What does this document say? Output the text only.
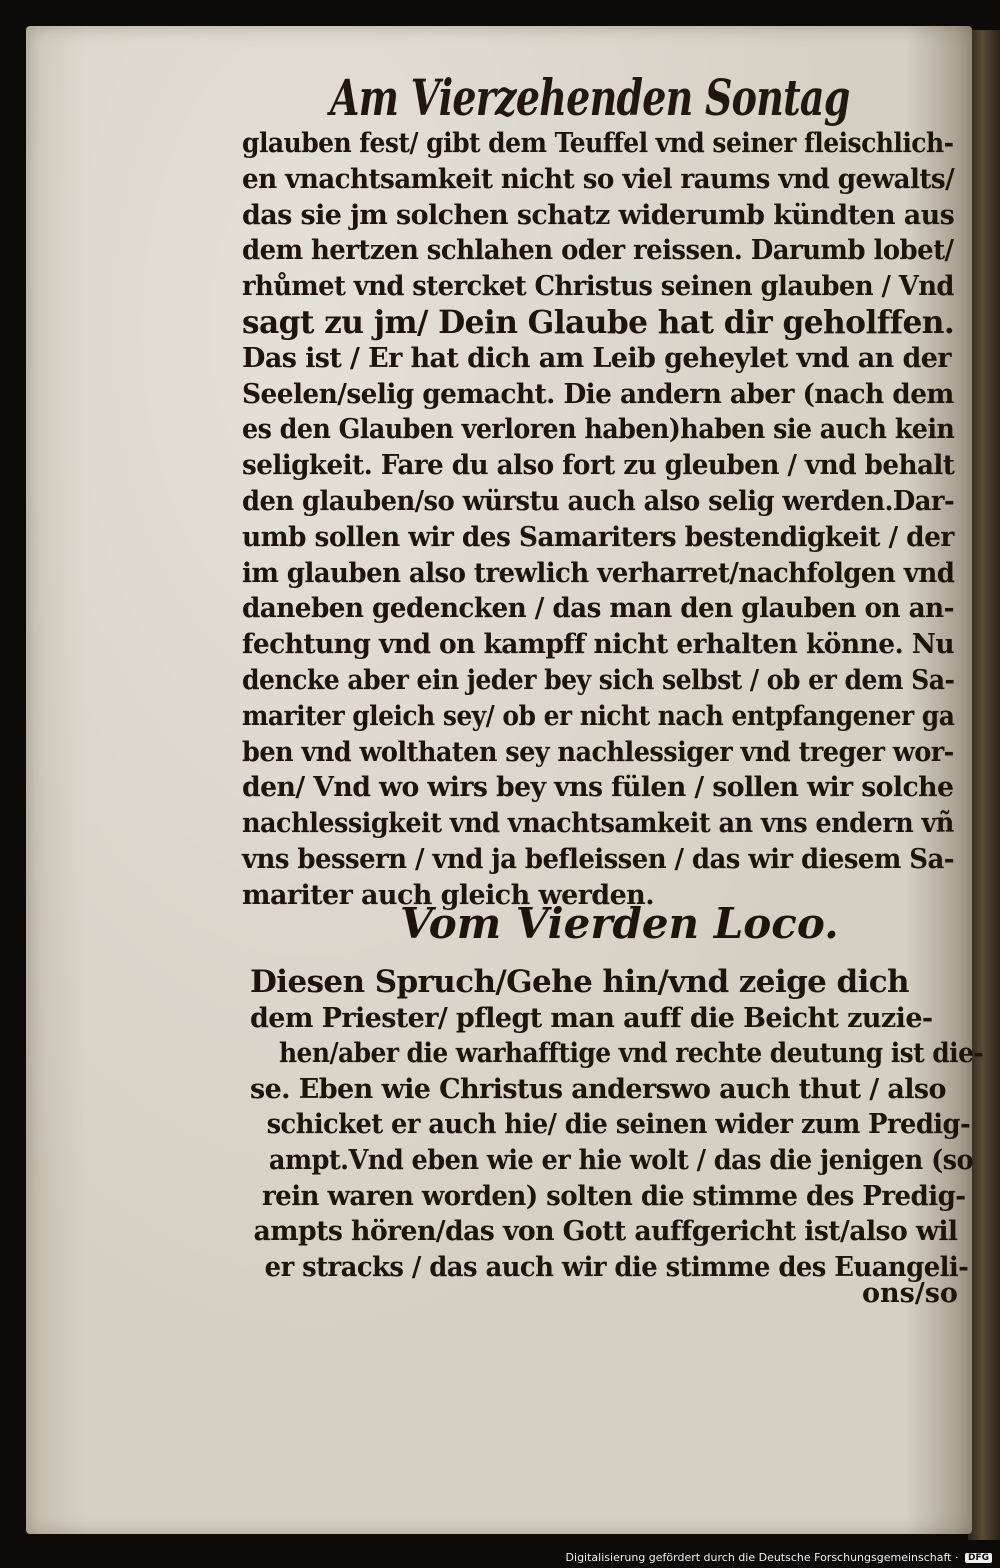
Am Vierzehenden Sontag
glauben fest/ gibt dem Teuffel vnd seiner fleischlich-
en vnachtsamkeit nicht so viel raums vnd gewalts/
das sie jm solchen schatz widerumb kündten aus
dem hertzen schlahen oder reissen. Darumb lobet/
rhůmet vnd stercket Christus seinen glauben / Vnd
sagt zu jm/ Dein Glaube hat dir geholffen.
Das ist / Er hat dich am Leib geheylet vnd an der
Seelen/selig gemacht. Die andern aber (nach dem
es den Glauben verloren haben)haben sie auch kein
seligkeit. Fare du also fort zu gleuben / vnd behalt
den glauben/so würstu auch also selig werden.Dar-
umb sollen wir des Samariters bestendigkeit / der
im glauben also trewlich verharret/nachfolgen vnd
daneben gedencken / das man den glauben on an-
fechtung vnd on kampff nicht erhalten könne. Nu
dencke aber ein jeder bey sich selbst / ob er dem Sa-
mariter gleich sey/ ob er nicht nach entpfangener ga
ben vnd wolthaten sey nachlessiger vnd treger wor-
den/ Vnd wo wirs bey vns fülen / sollen wir solche
nachlessigkeit vnd vnachtsamkeit an vns endern vñ
vns bessern / vnd ja befleissen / das wir diesem Sa-
mariter auch gleich werden.
Vom Vierden Loco.
Diesen Spruch/Gehe hin/vnd zeige dich
dem Priester/ pflegt man auff die Beicht zuzie-
hen/aber die warhafftige vnd rechte deutung ist die-
se. Eben wie Christus anderswo auch thut / also
schicket er auch hie/ die seinen wider zum Predig-
ampt.Vnd eben wie er hie wolt / das die jenigen (so
rein waren worden) solten die stimme des Predig-
ampts hören/das von Gott auffgericht ist/also wil
er stracks / das auch wir die stimme des Euangeli-
ons/so
Digitalisierung gefördert durch die Deutsche Forschungsgemeinschaft · DFG
